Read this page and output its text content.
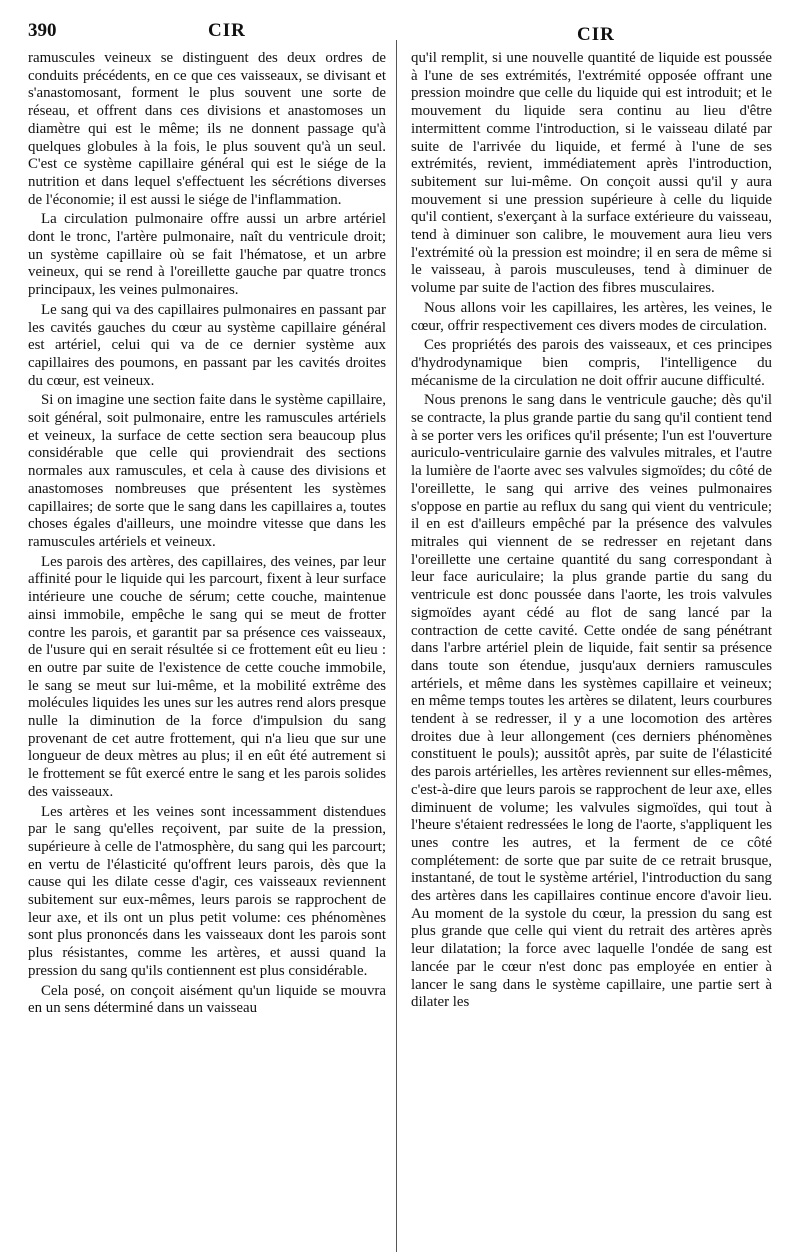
390	CIR	CIR

ramuscules veineux se distinguent des deux ordres de conduits précédents, en ce que ces vaisseaux, se divisant et s'anastomosant, forment le plus souvent une sorte de réseau, et offrent dans ces divisions et anastomoses un diamètre qui est le même; ils ne donnent passage qu'à quelques globules à la fois, le plus souvent qu'à un seul. C'est ce système capillaire général qui est le siége de la nutrition et dans lequel s'effectuent les sécrétions diverses de l'économie; il est aussi le siége de l'inflammation.

La circulation pulmonaire offre aussi un arbre artériel dont le tronc, l'artère pulmonaire, naît du ventricule droit; un système capillaire où se fait l'hématose, et un arbre veineux, qui se rend à l'oreillette gauche par quatre troncs principaux, les veines pulmonaires.

Le sang qui va des capillaires pulmonaires en passant par les cavités gauches du cœur au système capillaire général est artériel, celui qui va de ce dernier système aux capillaires des poumons, en passant par les cavités droites du cœur, est veineux.

Si on imagine une section faite dans le système capillaire, soit général, soit pulmonaire, entre les ramuscules artériels et veineux, la surface de cette section sera beaucoup plus considérable que celle qui proviendrait des sections normales aux ramuscules, et cela à cause des divisions et anastomoses nombreuses que présentent les systèmes capillaires; de sorte que le sang dans les capillaires a, toutes choses égales d'ailleurs, une moindre vitesse que dans les ramuscules artériels et veineux.

Les parois des artères, des capillaires, des veines, par leur affinité pour le liquide qui les parcourt, fixent à leur surface intérieure une couche de sérum; cette couche, maintenue ainsi immobile, empêche le sang qui se meut de frotter contre les parois, et garantit par sa présence ces vaisseaux, de l'usure qui en serait résultée si ce frottement eût eu lieu : en outre par suite de l'existence de cette couche immobile, le sang se meut sur lui-même, et la mobilité extrême des molécules liquides les unes sur les autres rend alors presque nulle la diminution de la force d'impulsion du sang provenant de cet autre frottement, qui n'a lieu que sur une longueur de deux mètres au plus; il en eût été autrement si le frottement se fût exercé entre le sang et les parois solides des vaisseaux.

Les artères et les veines sont incessamment distendues par le sang qu'elles reçoivent, par suite de la pression, supérieure à celle de l'atmosphère, du sang qui les parcourt; en vertu de l'élasticité qu'offrent leurs parois, dès que la cause qui les dilate cesse d'agir, ces vaisseaux reviennent subitement sur eux-mêmes, leurs parois se rapprochent de leur axe, et ils ont un plus petit volume: ces phénomènes sont plus prononcés dans les vaisseaux dont les parois sont plus résistantes, comme les artères, et aussi quand la pression du sang qu'ils contiennent est plus considérable.

Cela posé, on conçoit aisément qu'un liquide se mouvra en un sens déterminé dans un vaisseau

qu'il remplit, si une nouvelle quantité de liquide est poussée à l'une de ses extrémités, l'extrémité opposée offrant une pression moindre que celle du liquide qui est introduit; et le mouvement du liquide sera continu au lieu d'être intermittent comme l'introduction, si le vaisseau dilaté par suite de l'arrivée du liquide, et fermé à l'une de ses extrémités, revient, immédiatement après l'introduction, subitement sur lui-même. On conçoit aussi qu'il y aura mouvement si une pression supérieure à celle du liquide qu'il contient, s'exerçant à la surface extérieure du vaisseau, tend à diminuer son calibre, le mouvement aura lieu vers l'extrémité où la pression est moindre; il en sera de même si le vaisseau, à parois musculeuses, tend à diminuer de volume par suite de l'action des fibres musculaires.

Nous allons voir les capillaires, les artères, les veines, le cœur, offrir respectivement ces divers modes de circulation.

Ces propriétés des parois des vaisseaux, et ces principes d'hydrodynamique bien compris, l'intelligence du mécanisme de la circulation ne doit offrir aucune difficulté.

Nous prenons le sang dans le ventricule gauche; dès qu'il se contracte, la plus grande partie du sang qu'il contient tend à se porter vers les orifices qu'il présente; l'un est l'ouverture auriculo-ventriculaire garnie des valvules mitrales, et l'autre la lumière de l'aorte avec ses valvules sigmoïdes; du côté de l'oreillette, le sang qui arrive des veines pulmonaires s'oppose en partie au reflux du sang qui vient du ventricule; il en est d'ailleurs empêché par la présence des valvules mitrales qui viennent de se redresser en rejetant dans l'oreillette une certaine quantité du sang correspondant à leur face auriculaire; la plus grande partie du sang du ventricule est donc poussée dans l'aorte, les trois valvules sigmoïdes ayant cédé au flot de sang lancé par la contraction de cette cavité. Cette ondée de sang pénétrant dans l'arbre artériel plein de liquide, fait sentir sa présence dans toute son étendue, jusqu'aux derniers ramuscules artériels, et même dans les systèmes capillaire et veineux; en même temps toutes les artères se dilatent, leurs courbures tendent à se redresser, il y a une locomotion des artères droites due à leur allongement (ces derniers phénomènes constituent le pouls); aussitôt après, par suite de l'élasticité des parois artérielles, les artères reviennent sur elles-mêmes, c'est-à-dire que leurs parois se rapprochent de leur axe, elles diminuent de volume; les valvules sigmoïdes, qui tout à l'heure s'étaient redressées le long de l'aorte, s'appliquent les unes contre les autres, et la ferment de ce côté complétement: de sorte que par suite de ce retrait brusque, instantané, de tout le système artériel, l'introduction du sang des artères dans les capillaires continue encore d'avoir lieu. Au moment de la systole du cœur, la pression du sang est plus grande que celle qui vient du retrait des artères après leur dilatation; la force avec laquelle l'ondée de sang est lancée par le cœur n'est donc pas employée en entier à lancer le sang dans le système capillaire, une partie sert à dilater les
